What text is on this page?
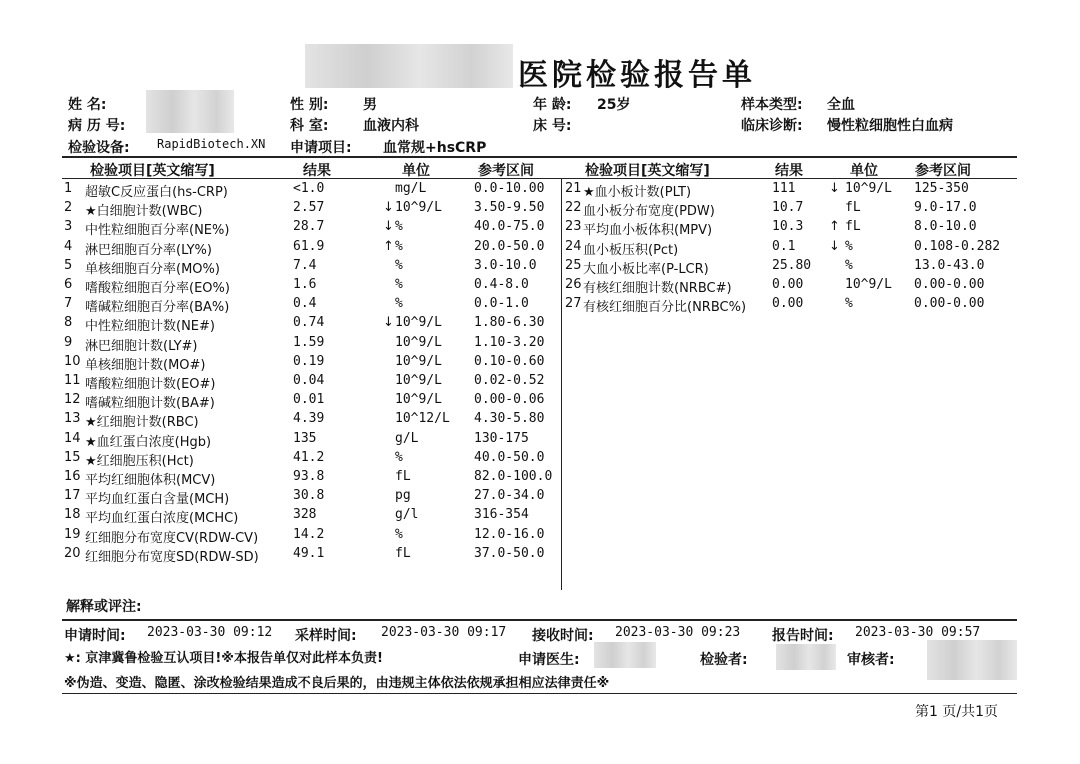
医院检验报告单
姓 名:	性 别: 男	年 龄: 25岁	样本类型: 全血
病 历 号:	科 室: 血液内科	床 号:	临床诊断: 慢性粒细胞性白血病
检验设备: RapidBiotech.XN 申请项目: 血常规+hsCRP
检验项目[英文缩写]	结果	单位	参考区间	检验项目[英文缩写]	结果	单位	参考区间
1 超敏C反应蛋白(hs-CRP)	<1.0	mg/L	0.0-10.00
2 ★白细胞计数(WBC)	2.57	↓ 10^9/L 3.50-9.50
3 中性粒细胞百分率(NE%)	28.7	↓ %	40.0-75.0
4 淋巴细胞百分率(LY%)	61.9	↑ %	20.0-50.0
5 单核细胞百分率(MO%)	7.4	%	3.0-10.0
6 嗜酸粒细胞百分率(EO%)	1.6	%	0.4-8.0
7 嗜碱粒细胞百分率(BA%)	0.4	%	0.0-1.0
8 中性粒细胞计数(NE#)	0.74	↓ 10^9/L 1.80-6.30
9 淋巴细胞计数(LY#)	1.59	10^9/L 1.10-3.20
10 单核细胞计数(MO#)	0.19	10^9/L 0.10-0.60
11 嗜酸粒细胞计数(EO#)	0.04	10^9/L 0.02-0.52
12 嗜碱粒细胞计数(BA#)	0.01	10^9/L 0.00-0.06
13 ★红细胞计数(RBC)	4.39	10^12/L 4.30-5.80
14 ★血红蛋白浓度(Hgb)	135	g/L	130-175
15 ★红细胞压积(Hct)	41.2	%	40.0-50.0
16 平均红细胞体积(MCV)	93.8	fL	82.0-100.0
17 平均血红蛋白含量(MCH)	30.8	pg	27.0-34.0
18 平均血红蛋白浓度(MCHC)	328	g/l	316-354
19 红细胞分布宽度CV(RDW-CV)	14.2	%	12.0-16.0
20 红细胞分布宽度SD(RDW-SD)	49.1	fL	37.0-50.0
21 ★血小板计数(PLT)	111	↓ 10^9/L 125-350
22 血小板分布宽度(PDW)	10.7	fL	9.0-17.0
23 平均血小板体积(MPV)	10.3 ↑ fL	8.0-10.0
24 血小板压积(Pct)	0.1	↓ %	0.108-0.282
25 大血小板比率(P-LCR)	25.80	%	13.0-43.0
26 有核红细胞计数(NRBC#)	0.00	10^9/L 0.00-0.00
27 有核红细胞百分比(NRBC%) 0.00	%	0.00-0.00
解释或评注:
申请时间: 2023-03-30 09:12 采样时间: 2023-03-30 09:17 接收时间: 2023-03-30 09:23 报告时间: 2023-03-30 09:57
★: 京津冀鲁检验互认项目!※本报告单仅对此样本负责!	申请医生:	检验者:	审核者:
※伪造、变造、隐匿、涂改检验结果造成不良后果的，由违规主体依法依规承担相应法律责任※
第1 页/共1页
